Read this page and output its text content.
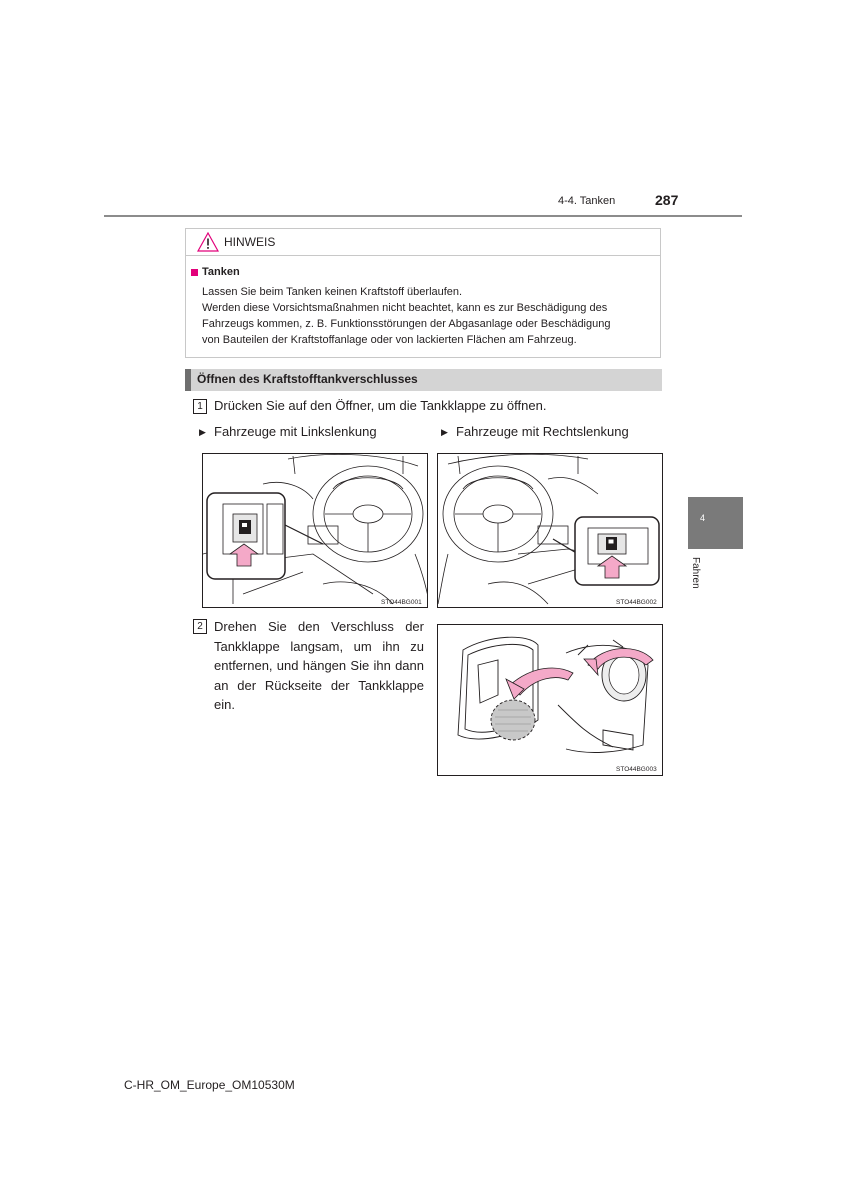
4-4. Tanken	287
4
Fahren
HINWEIS
Tanken

Lassen Sie beim Tanken keinen Kraftstoff überlaufen.

Werden diese Vorsichtsmaßnahmen nicht beachtet, kann es zur Beschädigung des

Fahrzeugs kommen, z. B. Funktionsstörungen der Abgasanlage oder Beschädigung

von Bauteilen der Kraftstoffanlage oder von lackierten Flächen am Fahrzeug.

Öffnen des Kraftstofftankverschlusses
1 Drücken Sie auf den Öffner, um die Tankklappe zu öffnen.
▶ Fahrzeuge mit Linkslenkung	▶ Fahrzeuge mit Rechtslenkung
STO44BG001	STO44BG002
2 Drehen Sie den Verschluss der Tankklappe langsam, um ihn zu entfernen, und hängen Sie ihn dann an der Rückseite der Tankklappe ein.
STO44BG003
C-HR_OM_Europe_OM10530M
